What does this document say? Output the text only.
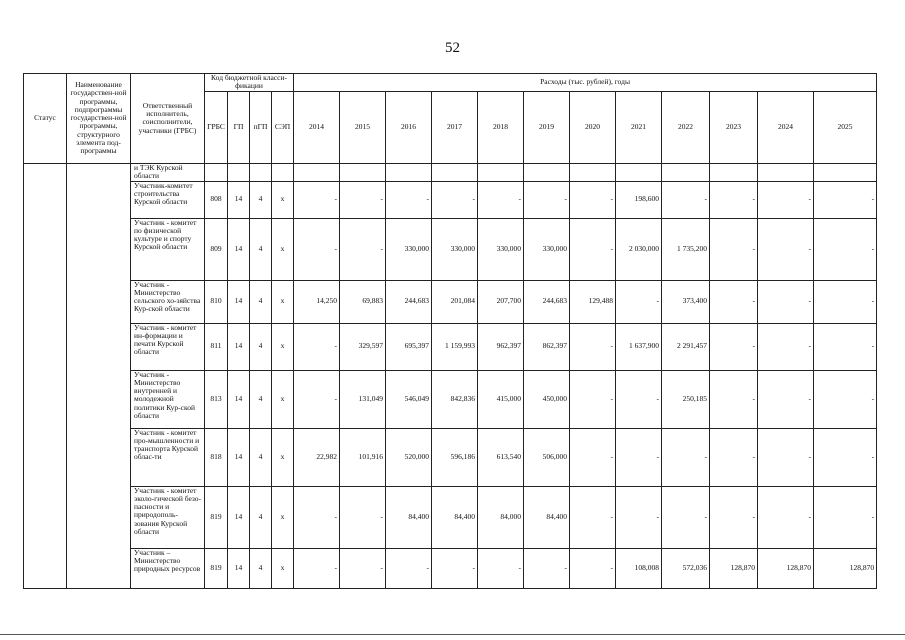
52
Статус	Наименование государствен-ной программы, подпрограммы государствен-ной программы, структурного элемента под-программы	Ответственный исполнитель, соисполнители, участники (ГРБС)	Код бюджетной класси-фикации				Расходы (тыс. рублей), годы											
			ГРБС	ГП	пГП	СЭП	2014	2015	2016	2017	2018	2019	2020	2021	2022	2023	2024	2025
		и ТЭК Курской области																
		Участник-комитет строительства Курской области	808	14	4	х	-	-	-	-	-	-	-	198,600	-	-	-	-
		Участник - комитет по физической культуре и спорту Курской области	809	14	4	х	-	-	330,000	330,000	330,000	330,000	-	2 030,000	1 735,200	-	-	-
		Участник - Министерство сельского хо-зяйства Кур-ской области	810	14	4	х	14,250	69,883	244,683	201,084	207,700	244,683	129,488	-	373,400	-	-	-
		Участник - комитет ин-формации и печати Курской области	811	14	4	х	-	329,597	695,397	1 159,993	962,397	862,397	-	1 637,900	2 291,457	-	-	-
		Участник - Министерство внутренней и молодежной политики Кур-ской области	813	14	4	х	-	131,049	546,049	842,836	415,000	450,000	-	-	250,185	-	-	-
		Участник - комитет про-мышленности и транспорта Курской облас-ти	818	14	4	х	22,982	101,916	520,000	596,186	613,540	506,000	-	-	-	-	-	-
		Участник - комитет эколо-гической безо-пасности и природополь-зования Курской области	819	14	4	х	-	-	84,400	84,400	84,000	84,400	-	-	-	-	-	-
		Участник – Министерство природных ресурсов	819	14	4	х	-	-	-	-	-	-	-	108,008	572,036	128,870	128,870	128,870
